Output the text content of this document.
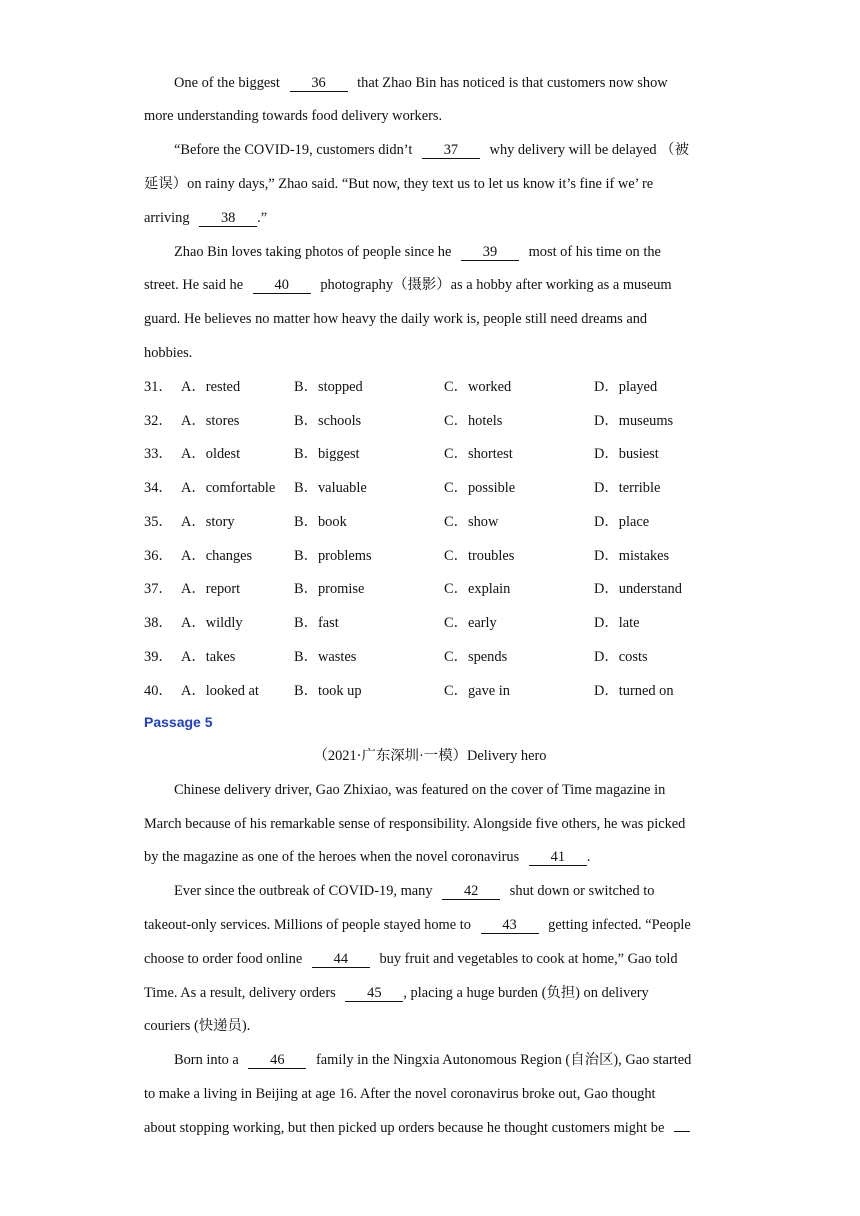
One of the biggest 36 that Zhao Bin has noticed is that customers now show
more understanding towards food delivery workers.
“Before the COVID-19, customers didn’t 37 why delivery will be delayed （被
延误）on rainy days,” Zhao said. “But now, they text us to let us know it’s fine if we’ re
arriving 38 .”
Zhao Bin loves taking photos of people since he 39 most of his time on the
street. He said he 40 photography（摄影）as a hobby after working as a museum
guard. He believes no matter how heavy the daily work is, people still need dreams and
hobbies.
31． A．rested	B．stopped	C．worked	D．played
32． A．stores	B．schools	C．hotels	D．museums
33． A．oldest	B．biggest	C．shortest	D．busiest
34． A．comfortable B．valuable	C．possible	D．terrible
35． A．story	B．book	C．show	D．place
36． A．changes	B．problems	C．troubles	D．mistakes
37． A．report	B．promise	C．explain	D．understand
38． A．wildly	B．fast	C．early	D．late
39． A．takes	B．wastes	C．spends	D．costs
40． A．looked at B．took up	C．gave in	D．turned on
Passage 5
（2021·广东深圳·一模）Delivery hero
Chinese delivery driver, Gao Zhixiao, was featured on the cover of Time magazine in
March because of his remarkable sense of responsibility. Alongside five others, he was picked
by the magazine as one of the heroes when the novel coronavirus 41 .
Ever since the outbreak of COVID-19, many 42 shut down or switched to
takeout-only services. Millions of people stayed home to 43 getting infected. “People
choose to order food online 44 buy fruit and vegetables to cook at home,” Gao told
Time. As a result, delivery orders 45 , placing a huge burden (负担) on delivery
couriers (快递员).
Born into a 46 family in the Ningxia Autonomous Region (自治区), Gao started
to make a living in Beijing at age 16. After the novel coronavirus broke out, Gao thought
about stopping working, but then picked up orders because he thought customers might be
